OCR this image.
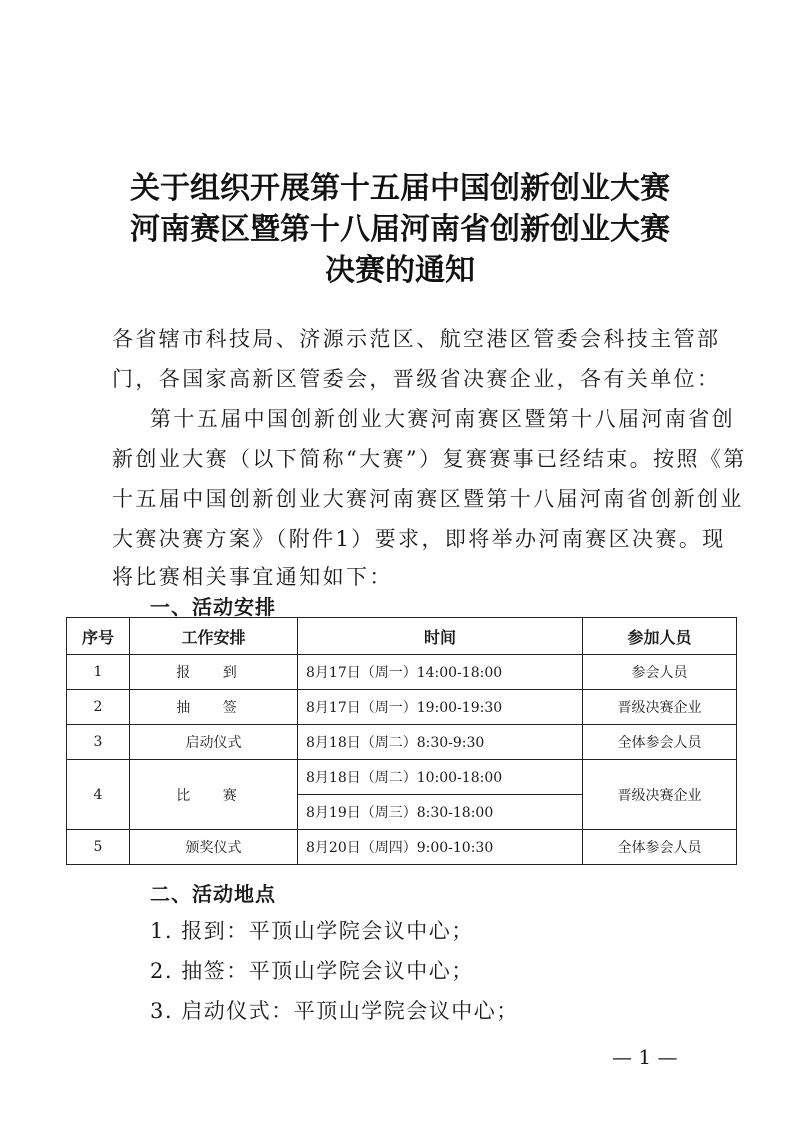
关于组织开展第十五届中国创新创业大赛
河南赛区暨第十八届河南省创新创业大赛
决赛的通知
各省辖市科技局、济源示范区、航空港区管委会科技主管部
门，各国家高新区管委会，晋级省决赛企业，各有关单位：
第十五届中国创新创业大赛河南赛区暨第十八届河南省创
新创业大赛（以下简称“大赛”）复赛赛事已经结束。按照《第
十五届中国创新创业大赛河南赛区暨第十八届河南省创新创业
大赛决赛方案》（附件1）要求，即将举办河南赛区决赛。现
将比赛相关事宜通知如下：
一、活动安排
序号	工作安排	时间	参加人员
1	报 到	8月17日（周一）14:00-18:00	参会人员
2	抽 签	8月17日（周一）19:00-19:30	晋级决赛企业
3	启动仪式	8月18日（周二）8:30-9:30	全体参会人员
4	比 赛	8月18日（周二）10:00-18:00	晋级决赛企业
		8月19日（周三）8:30-18:00	
5	颁奖仪式	8月20日（周四）9:00-10:30	全体参会人员
二、活动地点
1. 报到：平顶山学院会议中心；
2. 抽签：平顶山学院会议中心；
3. 启动仪式：平顶山学院会议中心；
— 1 —
